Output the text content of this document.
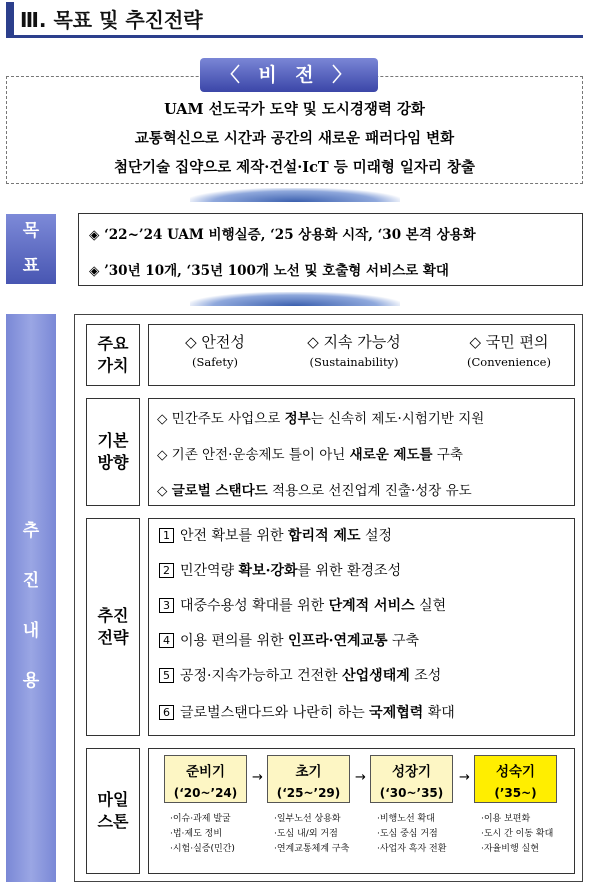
Ⅲ. 목표 및 추진전략
〈 비 전 〉
UAM 선도국가 도약 및 도시경쟁력 강화
교통혁신으로 시간과 공간의 새로운 패러다임 변화
첨단기술 집약으로 제작·건설·IcT 등 미래형 일자리 창출
목
표
◈ ‘22~’24 UAM 비행실증, ‘25 상용화 시작, ‘30 본격 상용화
◈ ’30년 10개, ‘35년 100개 노선 및 호출형 서비스로 확대
추
진
내
용
주요
가치
◇ 안전성
(Safety)
◇ 지속 가능성
(Sustainability)
◇ 국민 편의
(Convenience)
기본
방향
◇ 민간주도 사업으로 정부는 신속히 제도·시험기반 지원
◇ 기존 안전·운송제도 틀이 아닌 새로운 제도틀 구축
◇ 글로벌 스탠다드 적용으로 선진업계 진출·성장 유도
추진
전략
1 안전 확보를 위한 합리적 제도 설정
2 민간역량 확보·강화를 위한 환경조성
3 대중수용성 확대를 위한 단계적 서비스 실현
4 이용 편의를 위한 인프라·연계교통 구축
5 공정·지속가능하고 건전한 산업생태계 조성
6 글로벌스탠다드와 나란히 하는 국제협력 확대
마일
스톤
준비기
(‘20~’24)
→	초기
(‘25~’29)
→	성장기
(‘30~’35)
→	성숙기
(’35~)
·이슈·과제 발굴
·법·제도 정비
·시험·실증(민간)
·일부노선 상용화
·도심 내/외 거점
·연계교통체계 구축
·비행노선 확대
·도심 중심 거점
·사업자 흑자 전환
·이용 보편화
·도시 간 이동 확대
·자율비행 실현
